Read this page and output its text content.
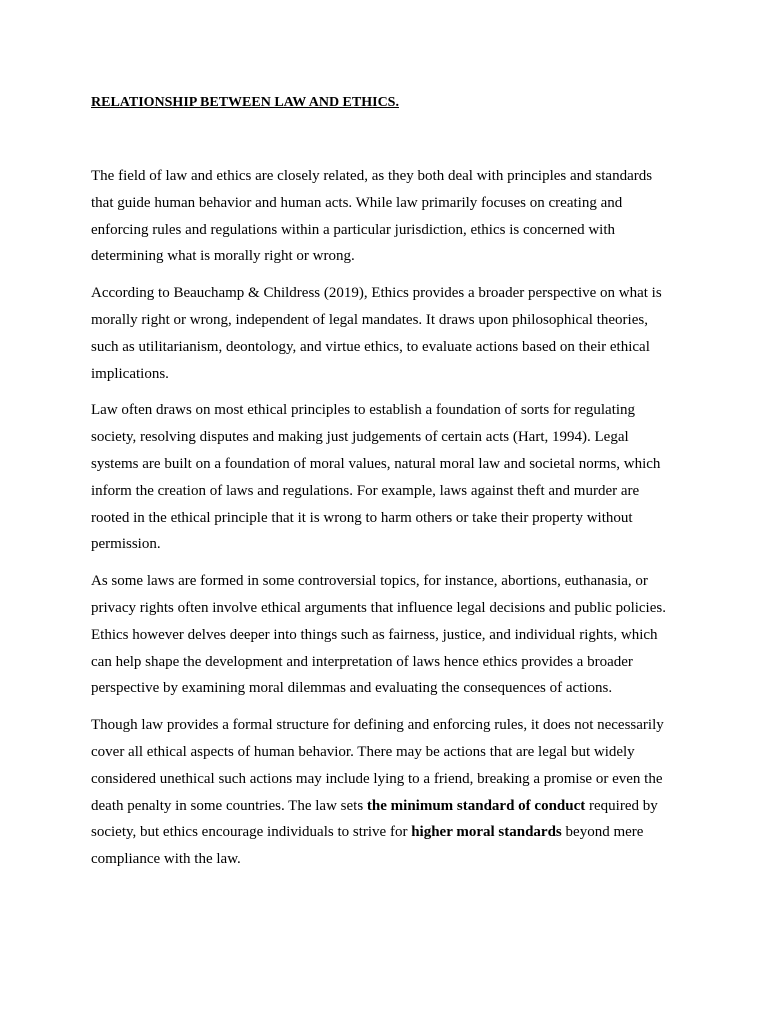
RELATIONSHIP BETWEEN LAW AND ETHICS.

The field of law and ethics are closely related, as they both deal with principles and standards
that guide human behavior and human acts. While law primarily focuses on creating and
enforcing rules and regulations within a particular jurisdiction, ethics is concerned with
determining what is morally right or wrong.

According to Beauchamp & Childress (2019), Ethics provides a broader perspective on what is
morally right or wrong, independent of legal mandates. It draws upon philosophical theories,
such as utilitarianism, deontology, and virtue ethics, to evaluate actions based on their ethical
implications.

Law often draws on most ethical principles to establish a foundation of sorts for regulating
society, resolving disputes and making just judgements of certain acts (Hart, 1994). Legal
systems are built on a foundation of moral values, natural moral law and societal norms, which
inform the creation of laws and regulations. For example, laws against theft and murder are
rooted in the ethical principle that it is wrong to harm others or take their property without
permission.

As some laws are formed in some controversial topics, for instance, abortions, euthanasia, or
privacy rights often involve ethical arguments that influence legal decisions and public policies.
Ethics however delves deeper into things such as fairness, justice, and individual rights, which
can help shape the development and interpretation of laws hence ethics provides a broader
perspective by examining moral dilemmas and evaluating the consequences of actions.

Though law provides a formal structure for defining and enforcing rules, it does not necessarily
cover all ethical aspects of human behavior. There may be actions that are legal but widely
considered unethical such actions may include lying to a friend, breaking a promise or even the
death penalty in some countries. The law sets the minimum standard of conduct required by
society, but ethics encourage individuals to strive for higher moral standards beyond mere
compliance with the law.
